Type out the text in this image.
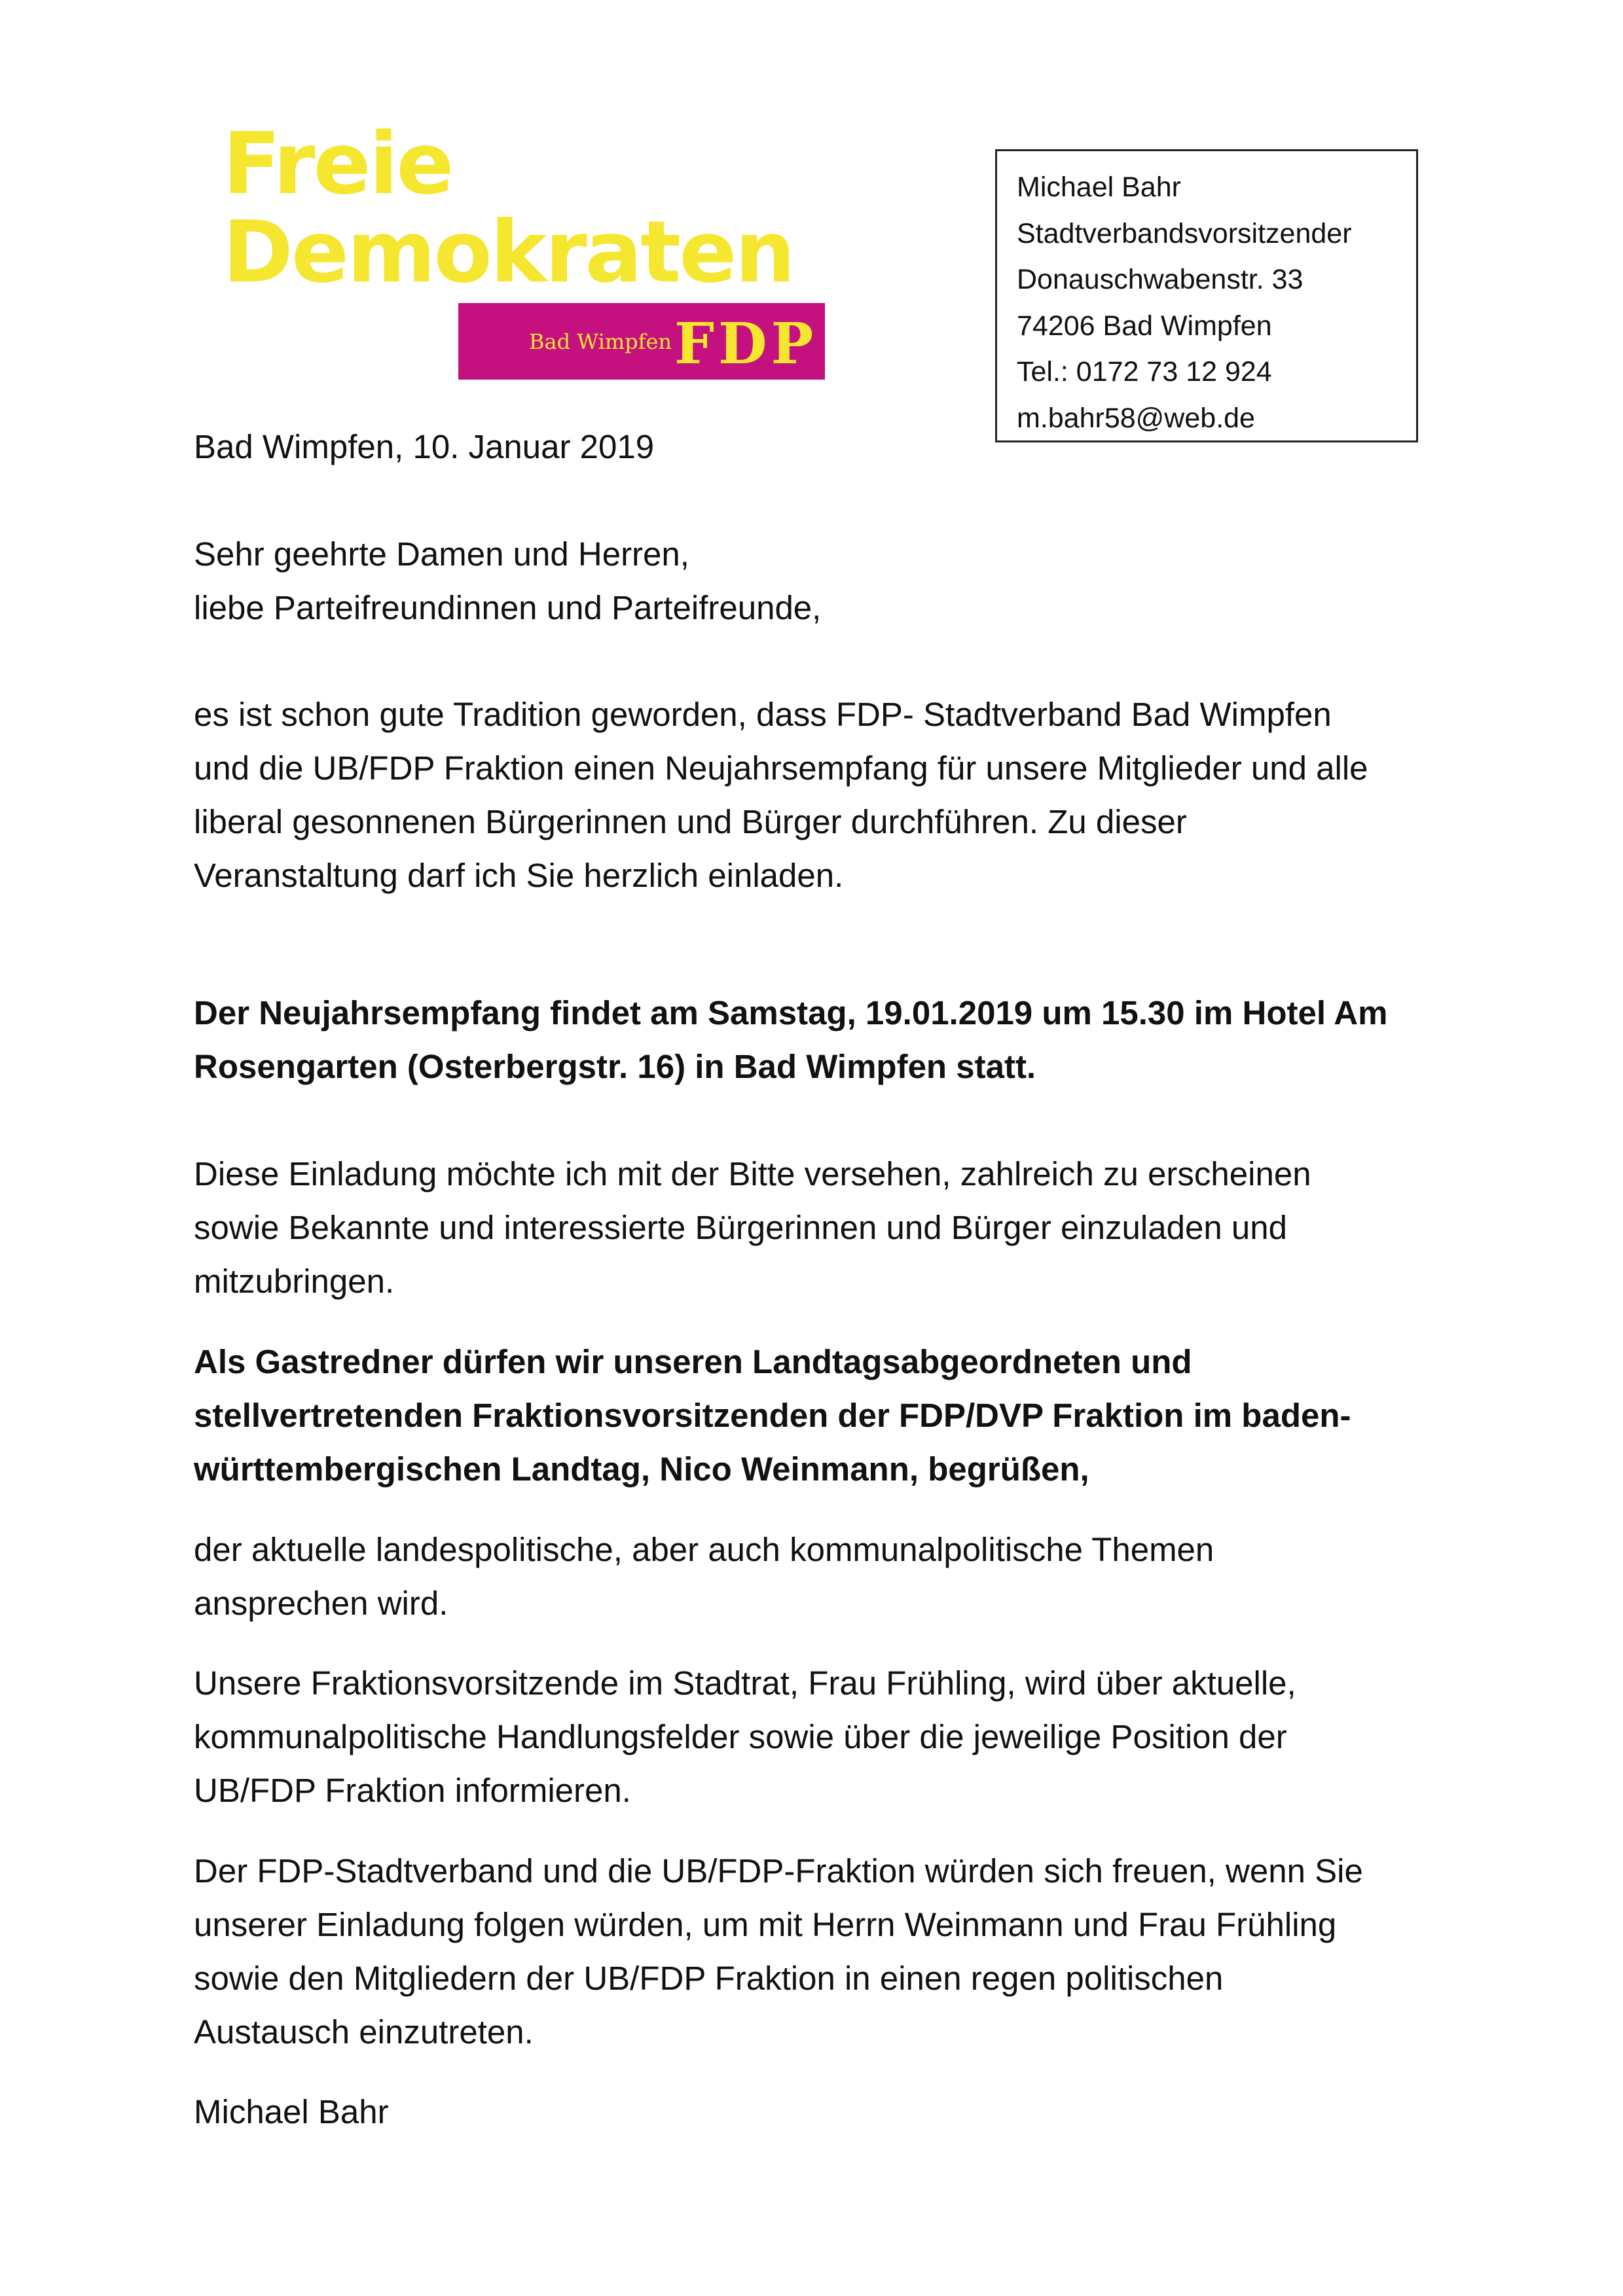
Freie
Demokraten
Bad Wimpfen FDP
Michael Bahr
Stadtverbandsvorsitzender
Donauschwabenstr. 33
74206 Bad Wimpfen
Tel.: 0172 73 12 924
m.bahr58@web.de
Bad Wimpfen, 10. Januar 2019
Sehr geehrte Damen und Herren,
liebe Parteifreundinnen und Parteifreunde,
es ist schon gute Tradition geworden, dass FDP- Stadtverband Bad Wimpfen
und die UB/FDP Fraktion einen Neujahrsempfang für unsere Mitglieder und alle
liberal gesonnenen Bürgerinnen und Bürger durchführen. Zu dieser
Veranstaltung darf ich Sie herzlich einladen.
Der Neujahrsempfang findet am Samstag, 19.01.2019 um 15.30 im Hotel Am
Rosengarten (Osterbergstr. 16) in Bad Wimpfen statt.
Diese Einladung möchte ich mit der Bitte versehen, zahlreich zu erscheinen
sowie Bekannte und interessierte Bürgerinnen und Bürger einzuladen und
mitzubringen.
Als Gastredner dürfen wir unseren Landtagsabgeordneten und
stellvertretenden Fraktionsvorsitzenden der FDP/DVP Fraktion im baden-
württembergischen Landtag, Nico Weinmann, begrüßen,
der aktuelle landespolitische, aber auch kommunalpolitische Themen
ansprechen wird.
Unsere Fraktionsvorsitzende im Stadtrat, Frau Frühling, wird über aktuelle,
kommunalpolitische Handlungsfelder sowie über die jeweilige Position der
UB/FDP Fraktion informieren.
Der FDP-Stadtverband und die UB/FDP-Fraktion würden sich freuen, wenn Sie
unserer Einladung folgen würden, um mit Herrn Weinmann und Frau Frühling
sowie den Mitgliedern der UB/FDP Fraktion in einen regen politischen
Austausch einzutreten.
Michael Bahr
